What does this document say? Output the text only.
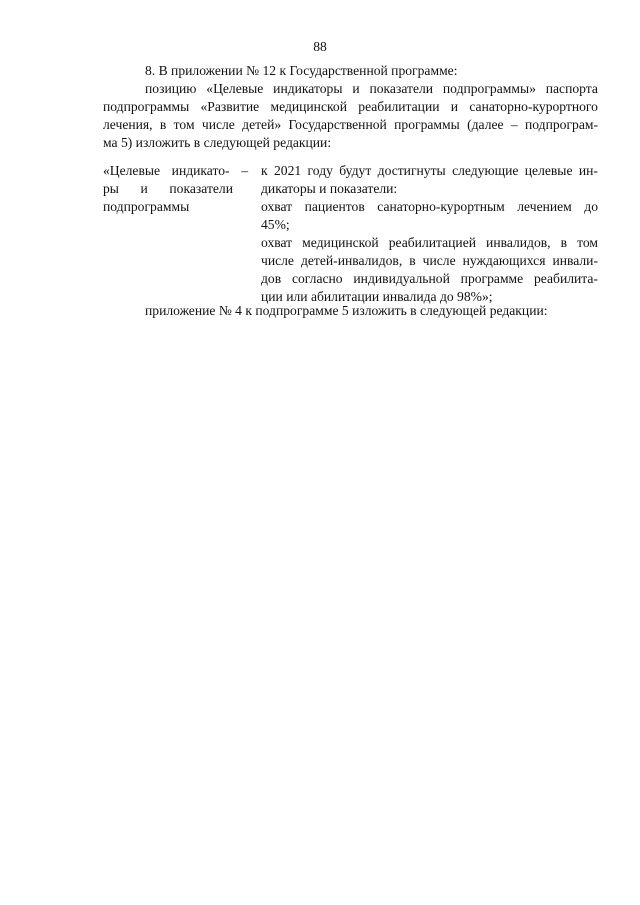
88
8. В приложении № 12 к Государственной программе:
позицию «Целевые индикаторы и показатели подпрограммы» паспорта
подпрограммы «Развитие медицинской реабилитации и санаторно-курортного
лечения, в том числе детей» Государственной программы (далее – подпрограм-
ма 5) изложить в следующей редакции:
«Целевые индикато- –
ры и показатели
подпрограммы
к 2021 году будут достигнуты следующие целевые ин-
дикаторы и показатели:
охват пациентов санаторно-курортным лечением до
45%;
охват медицинской реабилитацией инвалидов, в том
числе детей-инвалидов, в числе нуждающихся инвали-
дов согласно индивидуальной программе реабилита-
ции или абилитации инвалида до 98%»;
приложение № 4 к подпрограмме 5 изложить в следующей редакции:
